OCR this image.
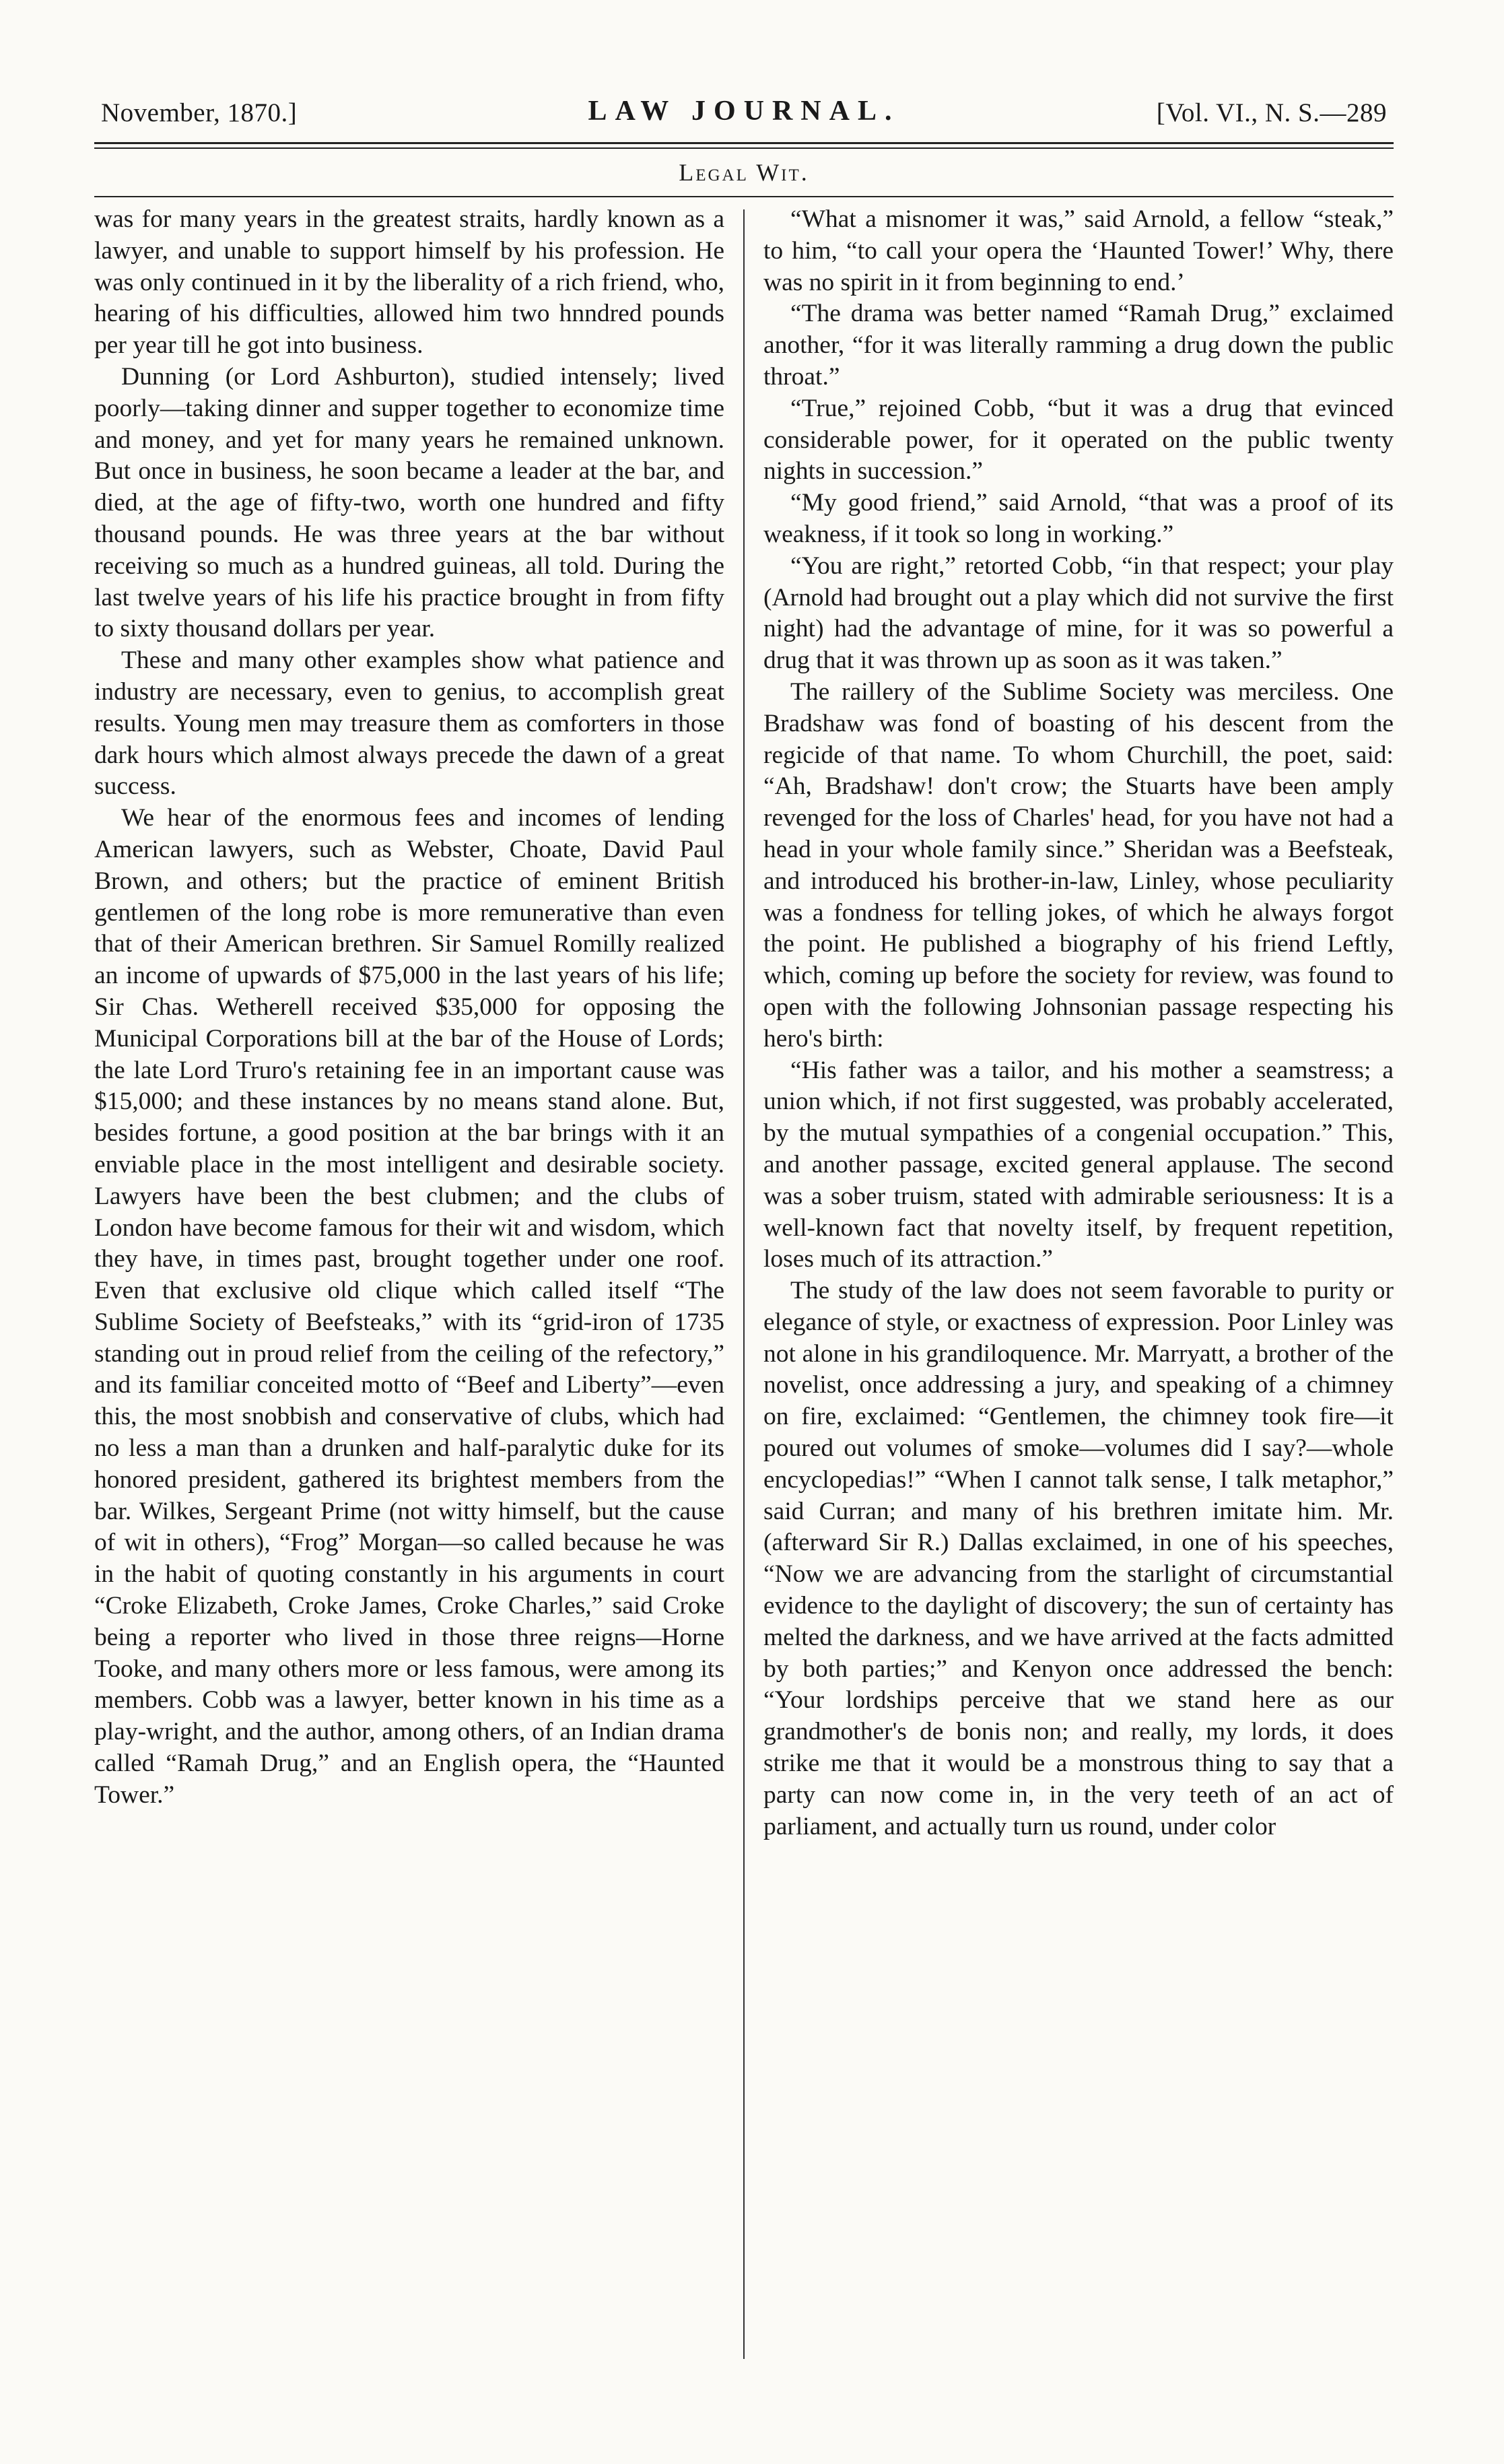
November, 1870.]	LAW JOURNAL.	[Vol. VI., N. S.—289
Legal Wit.

was for many years in the greatest straits, hardly known as a lawyer, and unable to support himself by his profession. He was only continued in it by the liberality of a rich friend, who, hearing of his difficulties, allowed him two hnndred pounds per year till he got into business.

Dunning (or Lord Ashburton), studied intensely; lived poorly—taking dinner and supper together to economize time and money, and yet for many years he remained unknown. But once in business, he soon became a leader at the bar, and died, at the age of fifty-two, worth one hundred and fifty thousand pounds. He was three years at the bar without receiving so much as a hundred guineas, all told. During the last twelve years of his life his practice brought in from fifty to sixty thousand dollars per year.

These and many other examples show what patience and industry are necessary, even to genius, to accomplish great results. Young men may treasure them as comforters in those dark hours which almost always precede the dawn of a great success.

We hear of the enormous fees and incomes of lending American lawyers, such as Webster, Choate, David Paul Brown, and others; but the practice of eminent British gentlemen of the long robe is more remunerative than even that of their American brethren. Sir Samuel Romilly realized an income of upwards of $75,000 in the last years of his life; Sir Chas. Wetherell received $35,000 for opposing the Municipal Corporations bill at the bar of the House of Lords; the late Lord Truro's retaining fee in an important cause was $15,000; and these instances by no means stand alone. But, besides fortune, a good position at the bar brings with it an enviable place in the most intelligent and desirable society. Lawyers have been the best clubmen; and the clubs of London have become famous for their wit and wisdom, which they have, in times past, brought together under one roof. Even that exclusive old clique which called itself “The Sublime Society of Beefsteaks,” with its “grid-iron of 1735 standing out in proud relief from the ceiling of the refectory,” and its familiar conceited motto of “Beef and Liberty”—even this, the most snobbish and conservative of clubs, which had no less a man than a drunken and half-paralytic duke for its honored president, gathered its brightest members from the bar. Wilkes, Sergeant Prime (not witty himself, but the cause of wit in others), “Frog” Morgan—so called because he was in the habit of quoting constantly in his arguments in court “Croke Elizabeth, Croke James, Croke Charles,” said Croke being a reporter who lived in those three reigns—Horne Tooke, and many others more or less famous, were among its members. Cobb was a lawyer, better known in his time as a play-wright, and the author, among others, of an Indian drama called “Ramah Drug,” and an English opera, the “Haunted Tower.”

“What a misnomer it was,” said Arnold, a fellow “steak,” to him, “to call your opera the ‘Haunted Tower!’ Why, there was no spirit in it from beginning to end.’

“The drama was better named “Ramah Drug,” exclaimed another, “for it was literally ramming a drug down the public throat.”

“True,” rejoined Cobb, “but it was a drug that evinced considerable power, for it operated on the public twenty nights in succession.”

“My good friend,” said Arnold, “that was a proof of its weakness, if it took so long in working.”

“You are right,” retorted Cobb, “in that respect; your play (Arnold had brought out a play which did not survive the first night) had the advantage of mine, for it was so powerful a drug that it was thrown up as soon as it was taken.”

The raillery of the Sublime Society was merciless. One Bradshaw was fond of boasting of his descent from the regicide of that name. To whom Churchill, the poet, said: “Ah, Bradshaw! don't crow; the Stuarts have been amply revenged for the loss of Charles' head, for you have not had a head in your whole family since.” Sheridan was a Beefsteak, and introduced his brother-in-law, Linley, whose peculiarity was a fondness for telling jokes, of which he always forgot the point. He published a biography of his friend Leftly, which, coming up before the society for review, was found to open with the following Johnsonian passage respecting his hero's birth:

“His father was a tailor, and his mother a seamstress; a union which, if not first suggested, was probably accelerated, by the mutual sympathies of a congenial occupation.” This, and another passage, excited general applause. The second was a sober truism, stated with admirable seriousness: It is a well-known fact that novelty itself, by frequent repetition, loses much of its attraction.”

The study of the law does not seem favorable to purity or elegance of style, or exactness of expression. Poor Linley was not alone in his grandiloquence. Mr. Marryatt, a brother of the novelist, once addressing a jury, and speaking of a chimney on fire, exclaimed: “Gentlemen, the chimney took fire—it poured out volumes of smoke—volumes did I say?—whole encyclopedias!” “When I cannot talk sense, I talk metaphor,” said Curran; and many of his brethren imitate him. Mr. (afterward Sir R.) Dallas exclaimed, in one of his speeches, “Now we are advancing from the starlight of circumstantial evidence to the daylight of discovery; the sun of certainty has melted the darkness, and we have arrived at the facts admitted by both parties;” and Kenyon once addressed the bench: “Your lordships perceive that we stand here as our grandmother's de bonis non; and really, my lords, it does strike me that it would be a monstrous thing to say that a party can now come in, in the very teeth of an act of parliament, and actually turn us round, under color
